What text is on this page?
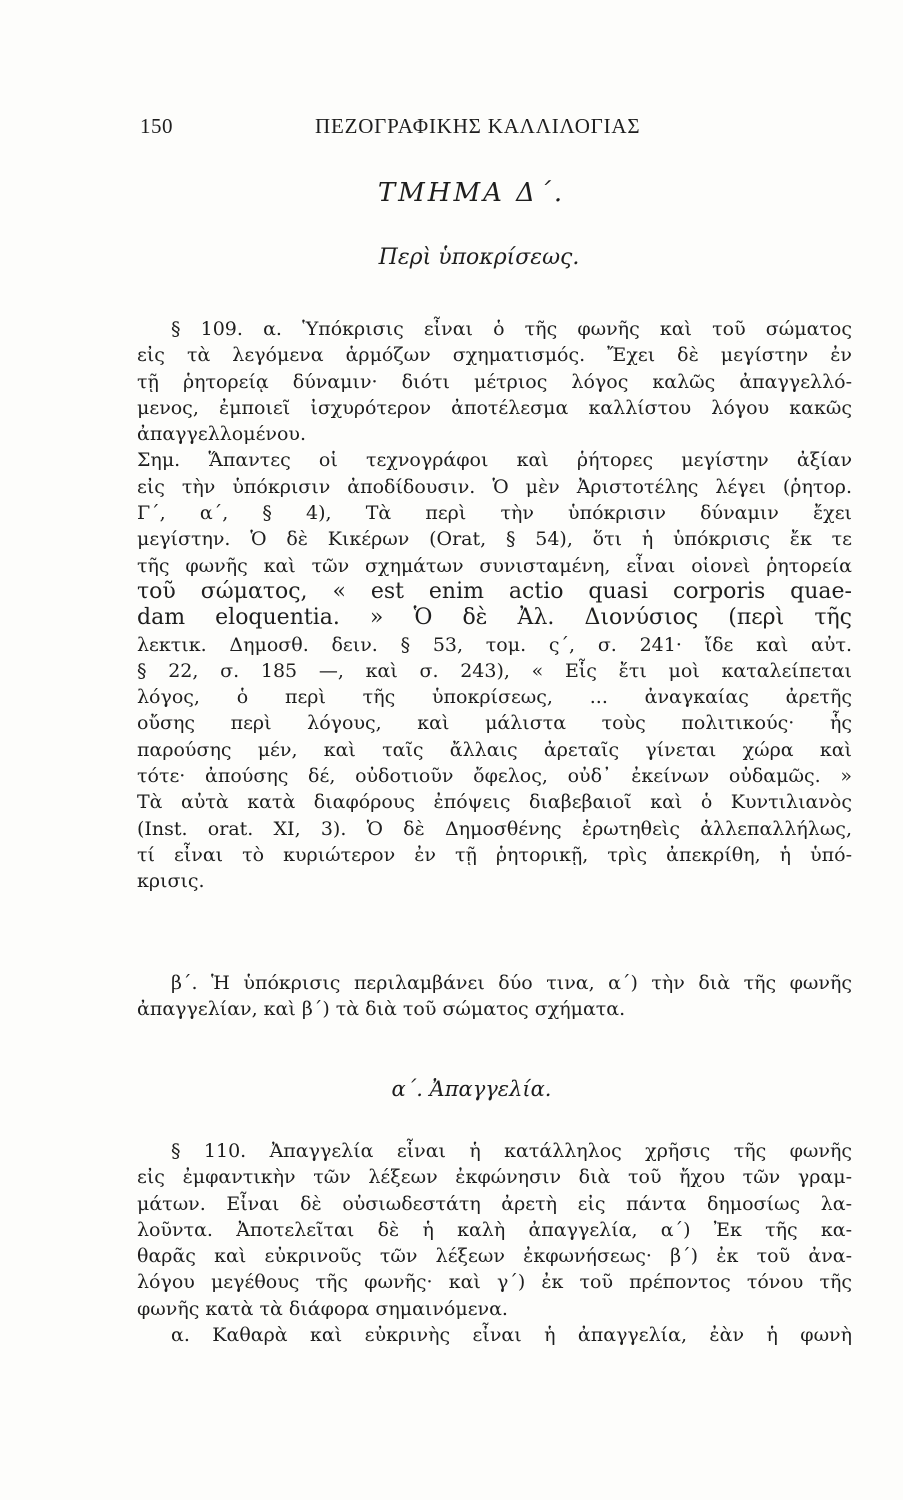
150	ΠΕΖΟΓΡΑΦΙΚΗΣ ΚΑΛΛΙΛΟΓΙΑΣ
ΤΜΗΜΑ Δ΄.
Περὶ ὑποκρίσεως.
§ 109. α. Ὑπόκρισις εἶναι ὁ τῆς φωνῆς καὶ τοῦ σώματος
εἰς τὰ λεγόμενα ἁρμόζων σχηματισμός. Ἔχει δὲ μεγίστην ἐν
τῇ ῥητορείᾳ δύναμιν· διότι μέτριος λόγος καλῶς ἀπαγγελλό-
μενος, ἐμποιεῖ ἰσχυρότερον ἀποτέλεσμα καλλίστου λόγου κακῶς
ἀπαγγελλομένου.
Σημ. Ἅπαντες οἱ τεχνογράφοι καὶ ῥήτορες μεγίστην ἀξίαν
εἰς τὴν ὑπόκρισιν ἀποδίδουσιν. Ὁ μὲν Ἀριστοτέλης λέγει (ῥητορ.
Γ΄, α΄, § 4), Τὰ περὶ τὴν ὑπόκρισιν δύναμιν ἔχει
μεγίστην. Ὁ δὲ Κικέρων (Orat, § 54), ὅτι ἡ ὑπόκρισις ἔκ τε
τῆς φωνῆς καὶ τῶν σχημάτων συνισταμένη, εἶναι οἱονεὶ ῥητορεία
τοῦ σώματος, « est enim actio quasi corporis quae-
dam eloquentia. » Ὁ δὲ Ἀλ. Διονύσιος (περὶ τῆς
λεκτικ. Δημοσθ. δειν. § 53, τομ. ς΄, σ. 241· ἴδε καὶ αὐτ.
§ 22, σ. 185 —, καὶ σ. 243), « Εἷς ἔτι μοὶ καταλείπεται
λόγος, ὁ περὶ τῆς ὑποκρίσεως, ... ἀναγκαίας ἀρετῆς
οὔσης περὶ λόγους, καὶ μάλιστα τοὺς πολιτικούς· ἧς
παρούσης μέν, καὶ ταῖς ἄλλαις ἀρεταῖς γίνεται χώρα καὶ
τότε· ἀπούσης δέ, οὐδοτιοῦν ὄφελος, οὐδ᾽ ἐκείνων οὐδαμῶς. »
Τὰ αὐτὰ κατὰ διαφόρους ἐπόψεις διαβεβαιοῖ καὶ ὁ Κυντιλιανὸς
(Inst. orat. XI, 3). Ὁ δὲ Δημοσθένης ἐρωτηθεὶς ἀλλεπαλλήλως,
τί εἶναι τὸ κυριώτερον ἐν τῇ ῥητορικῇ, τρὶς ἀπεκρίθη, ἡ ὑπό-
κρισις.
β΄. Ἡ ὑπόκρισις περιλαμβάνει δύο τινα, α΄) τὴν διὰ τῆς φωνῆς
ἀπαγγελίαν, καὶ β΄) τὰ διὰ τοῦ σώματος σχήματα.
α΄. Ἀπαγγελία.
§ 110. Ἀπαγγελία εἶναι ἡ κατάλληλος χρῆσις τῆς φωνῆς
εἰς ἐμφαντικὴν τῶν λέξεων ἐκφώνησιν διὰ τοῦ ἤχου τῶν γραμ-
μάτων. Εἶναι δὲ οὐσιωδεστάτη ἀρετὴ εἰς πάντα δημοσίως λα-
λοῦντα. Ἀποτελεῖται δὲ ἡ καλὴ ἀπαγγελία, α΄) Ἐκ τῆς κα-
θαρᾶς καὶ εὐκρινοῦς τῶν λέξεων ἐκφωνήσεως· β΄) ἐκ τοῦ ἀνα-
λόγου μεγέθους τῆς φωνῆς· καὶ γ΄) ἐκ τοῦ πρέποντος τόνου τῆς
φωνῆς κατὰ τὰ διάφορα σημαινόμενα.
α. Καθαρὰ καὶ εὐκρινὴς εἶναι ἡ ἀπαγγελία, ἐὰν ἡ φωνὴ
